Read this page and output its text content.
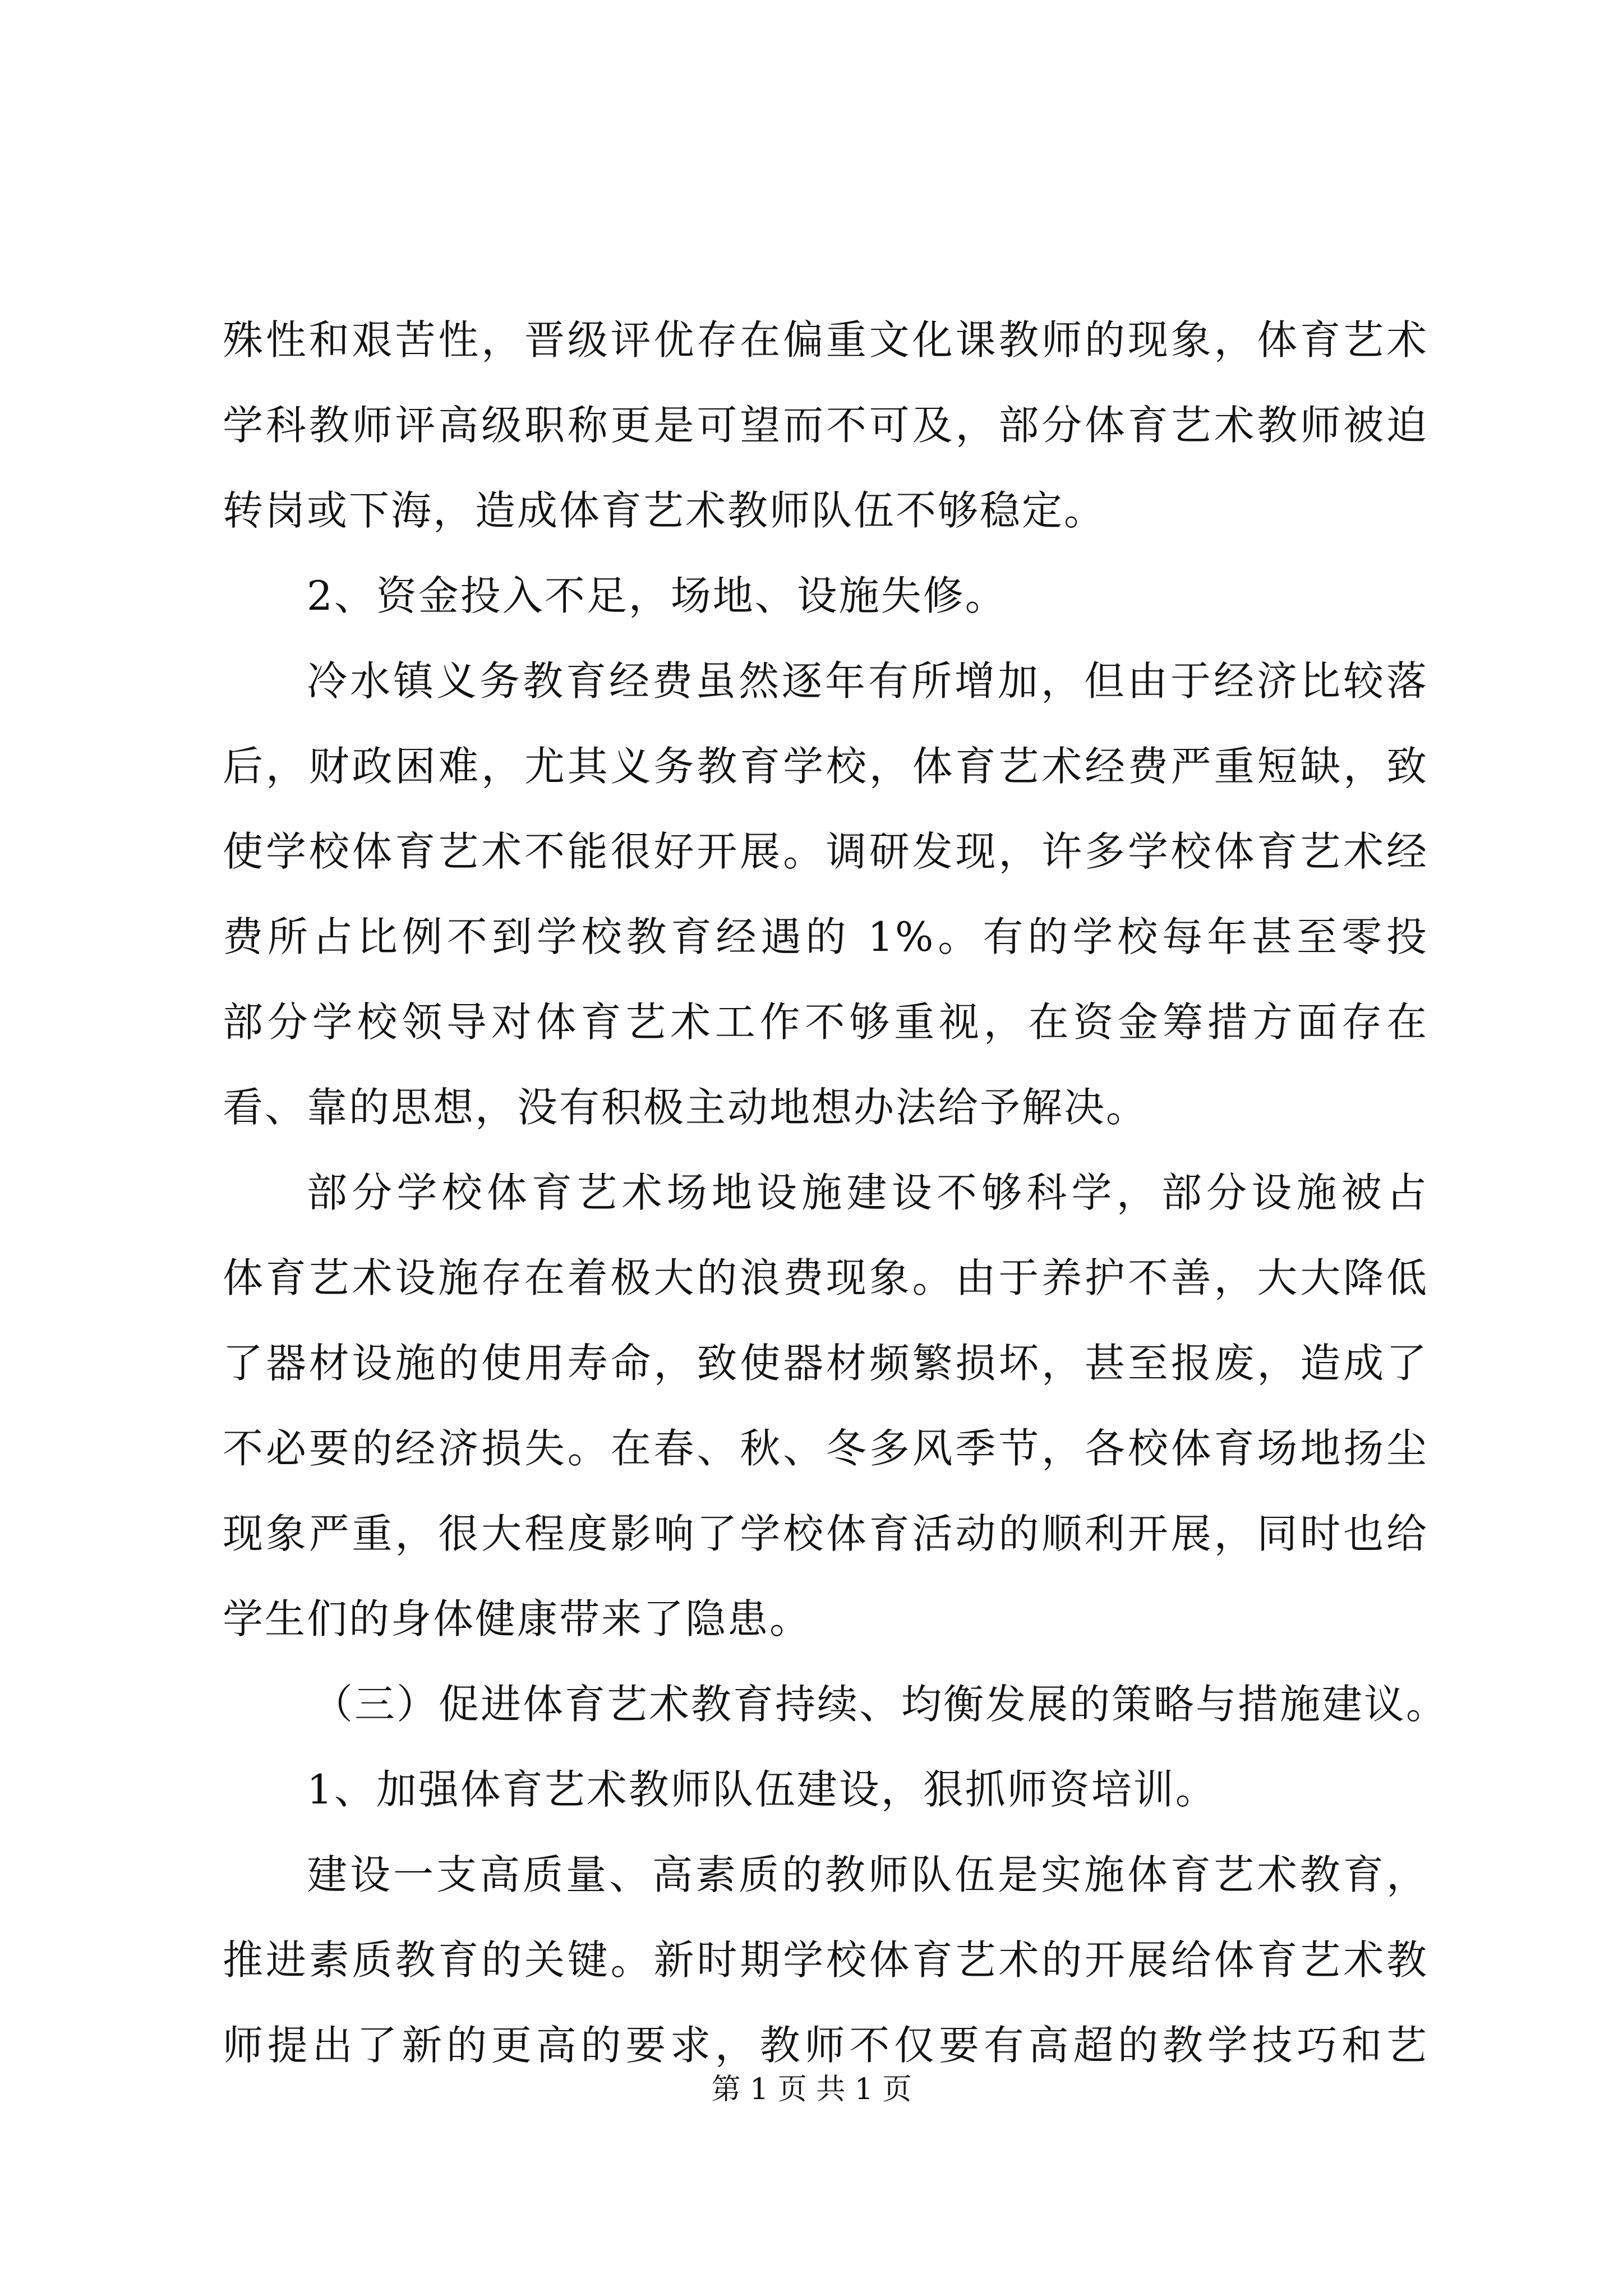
殊性和艰苦性，晋级评优存在偏重文化课教师的现象，体育艺术
学科教师评高级职称更是可望而不可及，部分体育艺术教师被迫
转岗或下海，造成体育艺术教师队伍不够稳定。
2、资金投入不足，场地、设施失修。
冷水镇义务教育经费虽然逐年有所增加，但由于经济比较落
后，财政困难，尤其义务教育学校，体育艺术经费严重短缺，致
使学校体育艺术不能很好开展。调研发现，许多学校体育艺术经
费所占比例不到学校教育经遇的 1%。有的学校每年甚至零投
部分学校领导对体育艺术工作不够重视，在资金筹措方面存在
看、靠的思想，没有积极主动地想办法给予解决。
部分学校体育艺术场地设施建设不够科学，部分设施被占
体育艺术设施存在着极大的浪费现象。由于养护不善，大大降低
了器材设施的使用寿命，致使器材频繁损坏，甚至报废，造成了
不必要的经济损失。在春、秋、冬多风季节，各校体育场地扬尘
现象严重，很大程度影响了学校体育活动的顺利开展，同时也给
学生们的身体健康带来了隐患。
（三）促进体育艺术教育持续、均衡发展的策略与措施建议。
1、加强体育艺术教师队伍建设，狠抓师资培训。
建设一支高质量、高素质的教师队伍是实施体育艺术教育，
推进素质教育的关键。新时期学校体育艺术的开展给体育艺术教
师提出了新的更高的要求，教师不仅要有高超的教学技巧和艺
第 1 页 共 1 页
